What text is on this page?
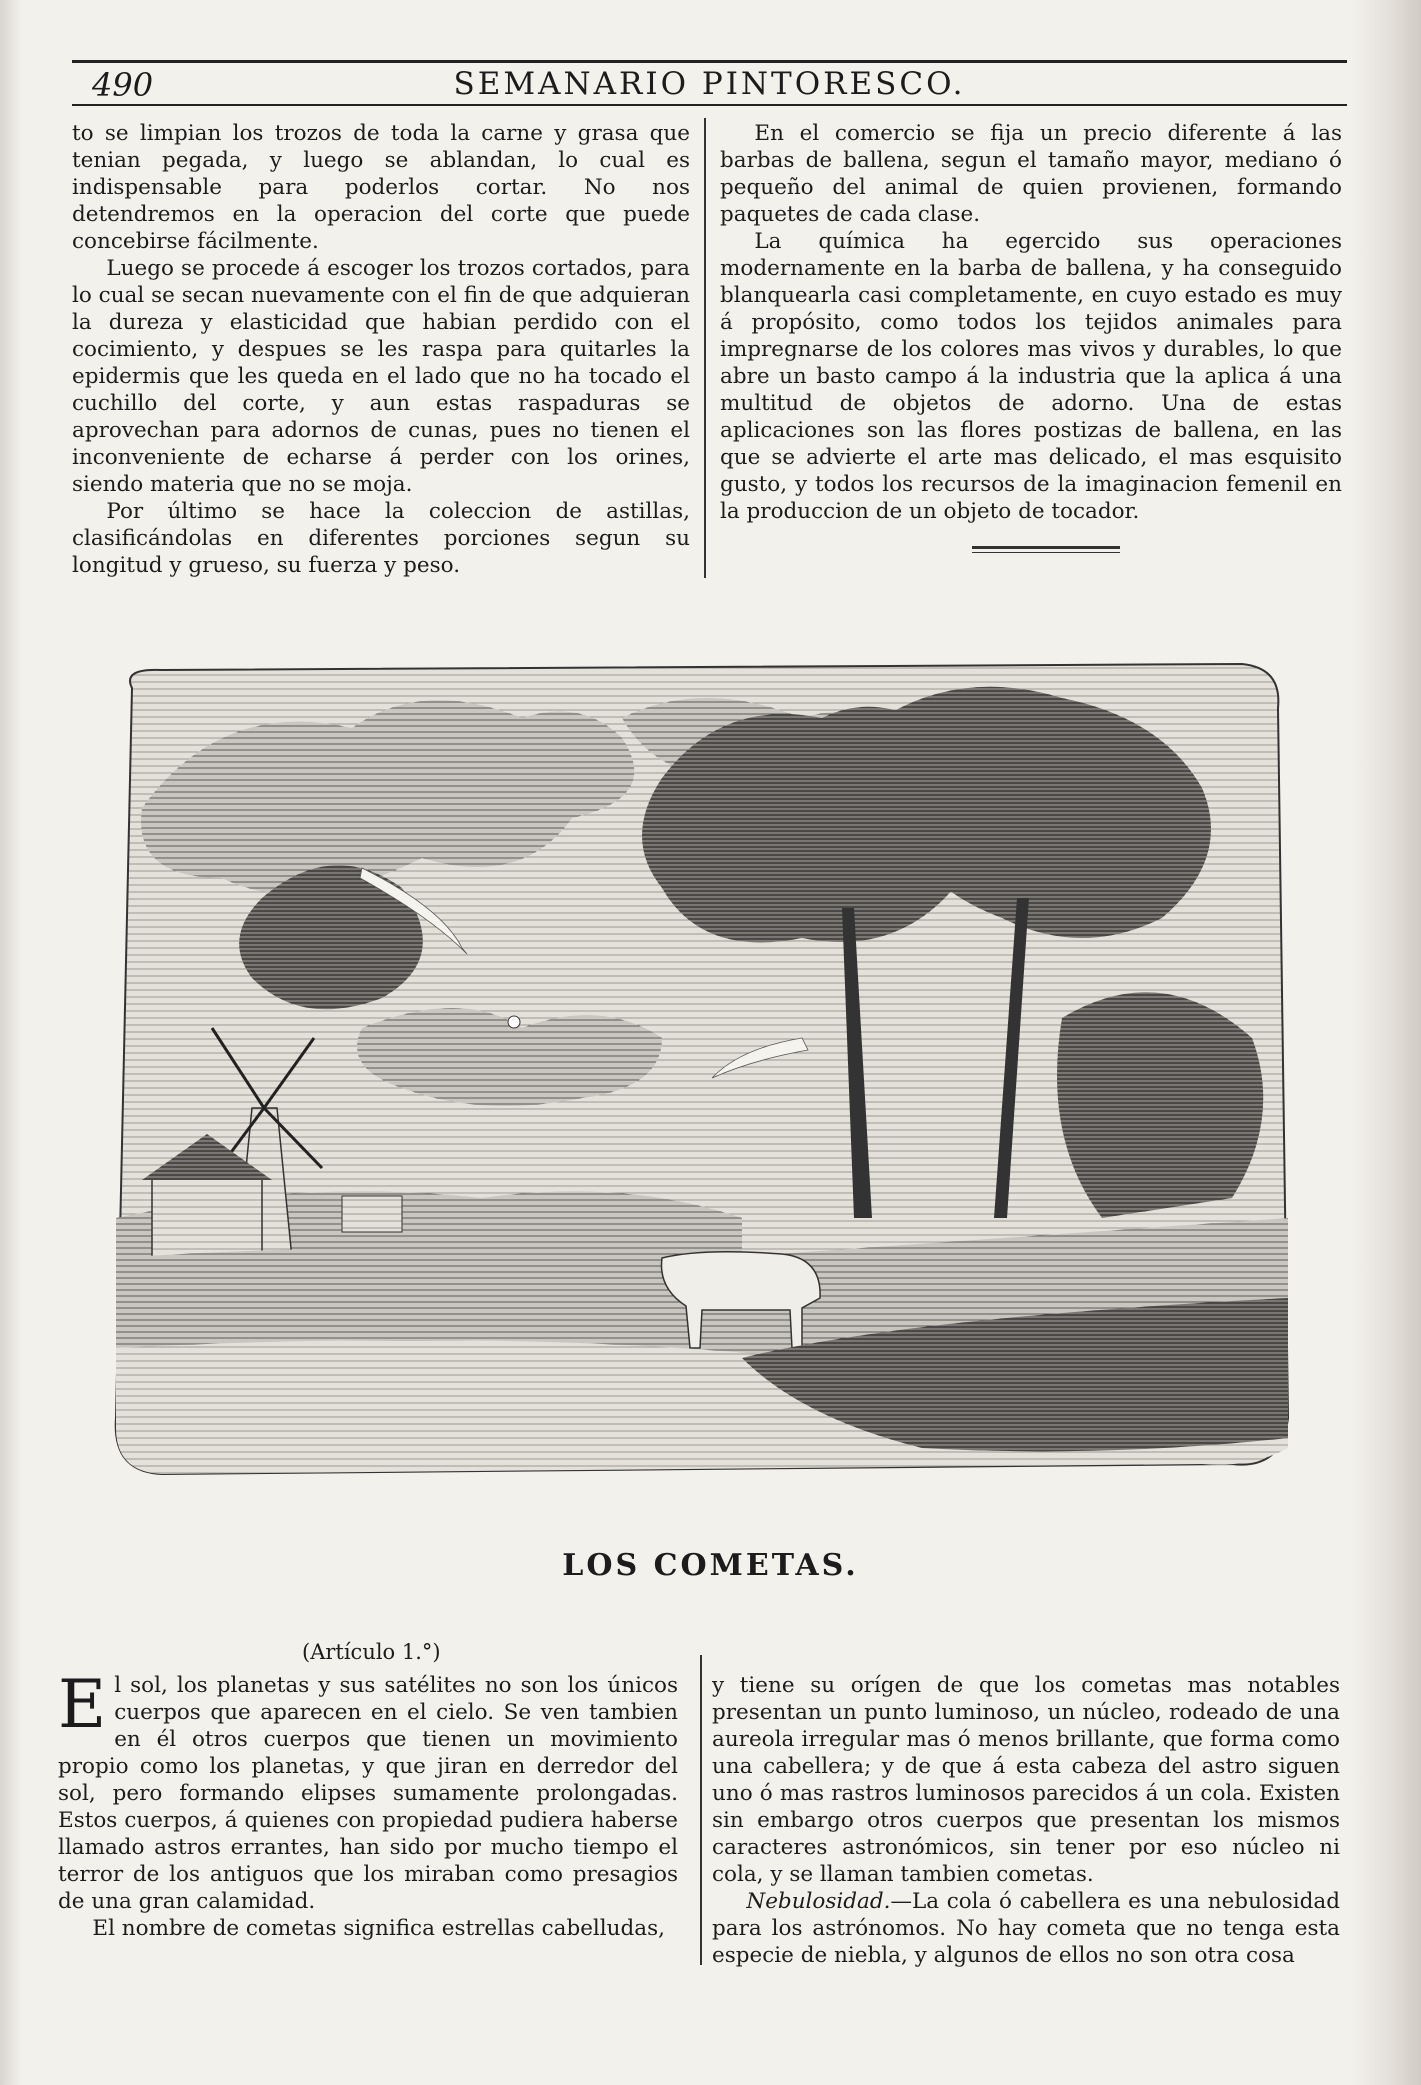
490	SEMANARIO PINTORESCO.

to se limpian los trozos de toda la carne y grasa que tenian pegada, y luego se ablandan, lo cual es indispensable para poderlos cortar. No nos detendremos en la operacion del corte que puede concebirse fácilmente.

Luego se procede á escoger los trozos cortados, para lo cual se secan nuevamente con el fin de que adquieran la dureza y elasticidad que habian perdido con el cocimiento, y despues se les raspa para quitarles la epidermis que les queda en el lado que no ha tocado el cuchillo del corte, y aun estas raspaduras se aprovechan para adornos de cunas, pues no tienen el inconveniente de echarse á perder con los orines, siendo materia que no se moja.

Por último se hace la coleccion de astillas, clasificándolas en diferentes porciones segun su longitud y grueso, su fuerza y peso.

En el comercio se fija un precio diferente á las barbas de ballena, segun el tamaño mayor, mediano ó pequeño del animal de quien provienen, formando paquetes de cada clase.

La química ha egercido sus operaciones modernamente en la barba de ballena, y ha conseguido blanquearla casi completamente, en cuyo estado es muy á propósito, como todos los tejidos animales para impregnarse de los colores mas vivos y durables, lo que abre un basto campo á la industria que la aplica á una multitud de objetos de adorno. Una de estas aplicaciones son las flores postizas de ballena, en las que se advierte el arte mas delicado, el mas esquisito gusto, y todos los recursos de la imaginacion femenil en la produccion de un objeto de tocador.

LOS COMETAS.
(Artículo 1.°)

El sol, los planetas y sus satélites no son los únicos cuerpos que aparecen en el cielo. Se ven tambien en él otros cuerpos que tienen un movimiento propio como los planetas, y que jiran en derredor del sol, pero formando elipses sumamente prolongadas. Estos cuerpos, á quienes con propiedad pudiera haberse llamado astros errantes, han sido por mucho tiempo el terror de los antiguos que los miraban como presagios de una gran calamidad.

El nombre de cometas significa estrellas cabelludas,

y tiene su orígen de que los cometas mas notables presentan un punto luminoso, un núcleo, rodeado de una aureola irregular mas ó menos brillante, que forma como una cabellera; y de que á esta cabeza del astro siguen uno ó mas rastros luminosos parecidos á un cola. Existen sin embargo otros cuerpos que presentan los mismos caracteres astronómicos, sin tener por eso núcleo ni cola, y se llaman tambien cometas.

Nebulosidad.—La cola ó cabellera es una nebulosidad para los astrónomos. No hay cometa que no tenga esta especie de niebla, y algunos de ellos no son otra cosa
